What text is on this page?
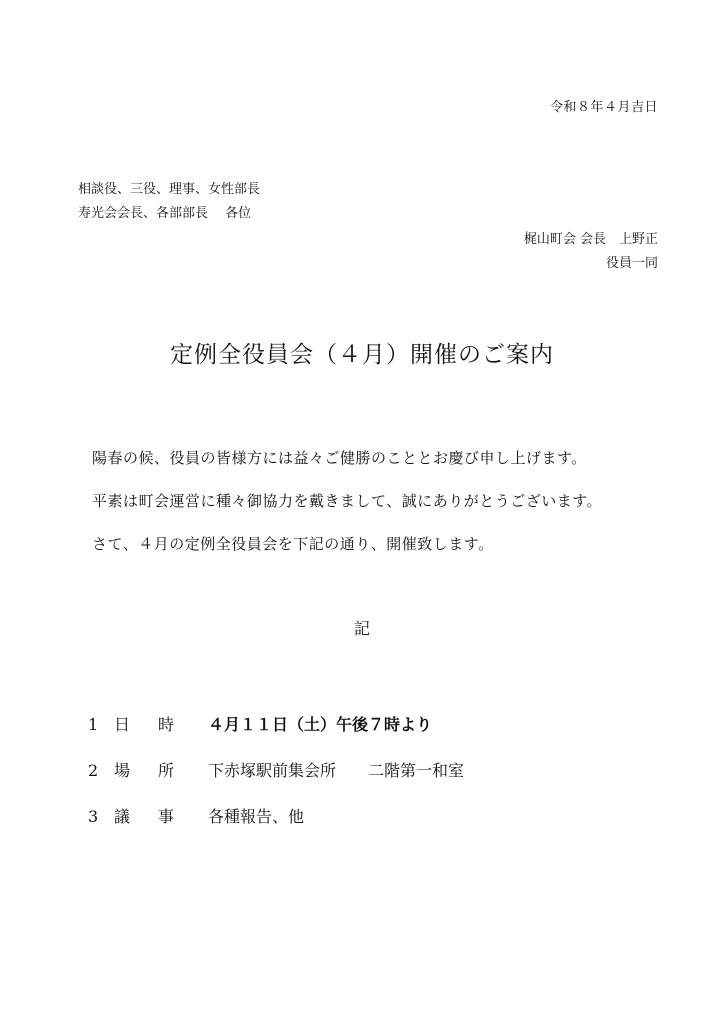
令和８年４月吉日
相談役、三役、理事、女性部長
寿光会会長、各部部長　 各位
梶山町会 会長　上野正
役員一同
定例全役員会（４月）開催のご案内
陽春の候、役員の皆様方には益々ご健勝のこととお慶び申し上げます。
平素は町会運営に種々御協力を戴きまして、誠にありがとうございます。
さて、４月の定例全役員会を下記の通り、開催致します。
記
1 日時 ４月１１日（土）午後７時より
2 場所 下赤塚駅前集会所　　二階第一和室
3 議事 各種報告、他
